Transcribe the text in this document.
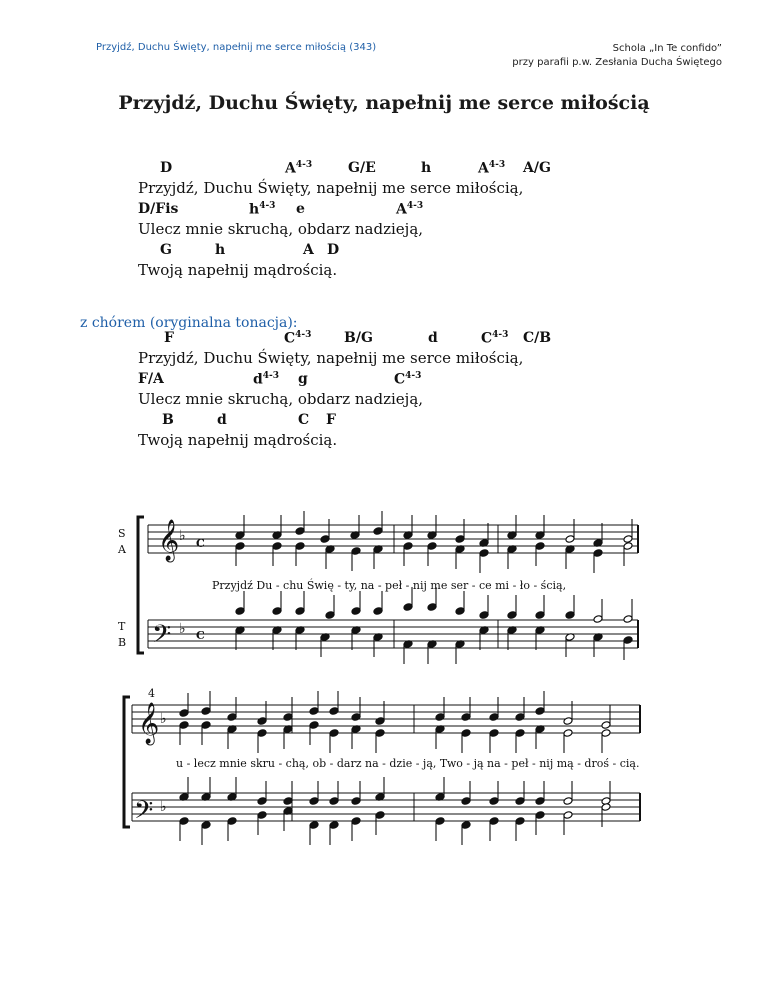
Przyjdź, Duchu Święty, napełnij me serce miłością (343)	Schola „In Te confido”
przy parafii p.w. Zesłania Ducha Świętego
Przyjdź, Duchu Święty, napełnij me serce miłością
D	$A^{4-3}$	G/E	h	$A^{4-3}$ A/G
Przyjdź, Duchu Święty, napełnij me serce miłością,
D/Fis	$h^{4-3}$ e	$A^{4-3}$
Ulecz mnie skruchą, obdarz nadzieją,
G	h	A D
Twoją napełnij mądrością.
z chórem (oryginalna tonacja):
F	$C^{4-3}$ B/G	d	$C^{4-3}$ C/B
Przyjdź, Duchu Święty, napełnij me serce miłością,
F/A	$d^{4-3}$ g	$C^{4-3}$
Ulecz mnie skruchą, obdarz nadzieją,
B	d	C F
Twoją napełnij mądrością.
S
A
T
B
𝄞
𝄢
♭
♭
C
C
Przyjdź Du - chu Świę - ty, na - peł - nij me ser - ce mi - ło - ścią,
4
𝄞
𝄢
♭
♭
u - lecz mnie skru - chą, ob - darz na - dzie - ją, Two - ją na - peł - nij mą - droś - cią.
